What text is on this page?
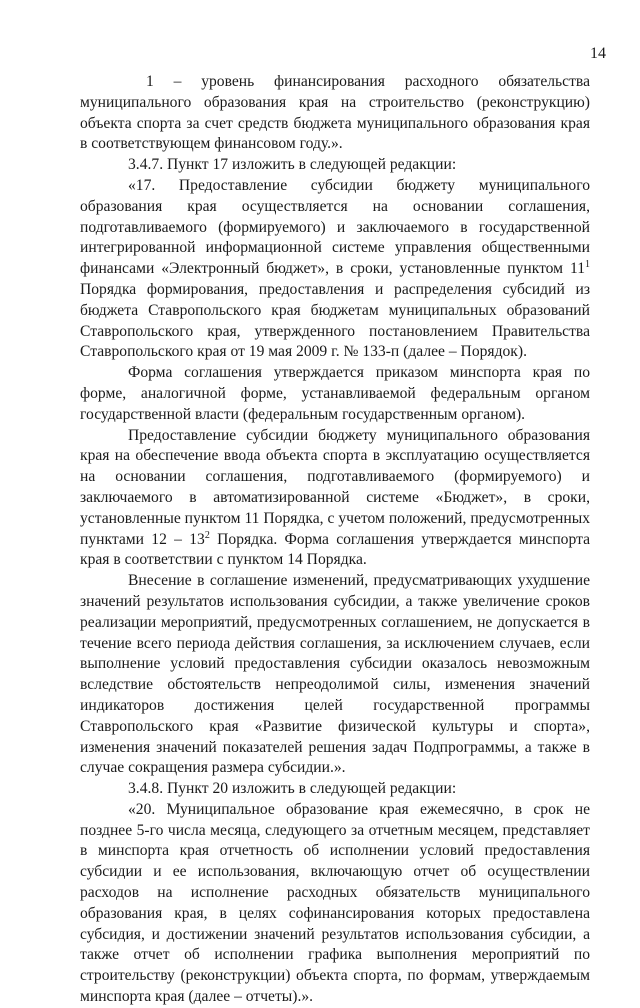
14

1 – уровень финансирования расходного обязательства муниципального образования края на строительство (реконструкцию) объекта спорта за счет средств бюджета муниципального образования края в соответствующем финансовом году.».

3.4.7. Пункт 17 изложить в следующей редакции:

«17. Предоставление субсидии бюджету муниципального образования края осуществляется на основании соглашения, подготавливаемого (формируемого) и заключаемого в государственной интегрированной информационной системе управления общественными финансами «Электронный бюджет», в сроки, установленные пунктом $11^1$ Порядка формирования, предоставления и распределения субсидий из бюджета Ставропольского края бюджетам муниципальных образований Ставропольского края, утвержденного постановлением Правительства Ставропольского края от 19 мая 2009 г. № 133-п (далее – Порядок).

Форма соглашения утверждается приказом минспорта края по форме, аналогичной форме, устанавливаемой федеральным органом государственной власти (федеральным государственным органом).

Предоставление субсидии бюджету муниципального образования края на обеспечение ввода объекта спорта в эксплуатацию осуществляется на основании соглашения, подготавливаемого (формируемого) и заключаемого в автоматизированной системе «Бюджет», в сроки, установленные пунктом 11 Порядка, с учетом положений, предусмотренных пунктами $12 - 13^2$ Порядка. Форма соглашения утверждается минспорта края в соответствии с пунктом 14 Порядка.

Внесение в соглашение изменений, предусматривающих ухудшение значений результатов использования субсидии, а также увеличение сроков реализации мероприятий, предусмотренных соглашением, не допускается в течение всего периода действия соглашения, за исключением случаев, если выполнение условий предоставления субсидии оказалось невозможным вследствие обстоятельств непреодолимой силы, изменения значений индикаторов достижения целей государственной программы Ставропольского края «Развитие физической культуры и спорта», изменения значений показателей решения задач Подпрограммы, а также в случае сокращения размера субсидии.».

3.4.8. Пункт 20 изложить в следующей редакции:

«20. Муниципальное образование края ежемесячно, в срок не позднее 5-го числа месяца, следующего за отчетным месяцем, представляет в минспорта края отчетность об исполнении условий предоставления субсидии и ее использования, включающую отчет об осуществлении расходов на исполнение расходных обязательств муниципального образования края, в целях софинансирования которых предоставлена субсидия, и достижении значений результатов использования субсидии, а также отчет об исполнении графика выполнения мероприятий по строительству (реконструкции) объекта спорта, по формам, утверждаемым минспорта края (далее – отчеты).».
